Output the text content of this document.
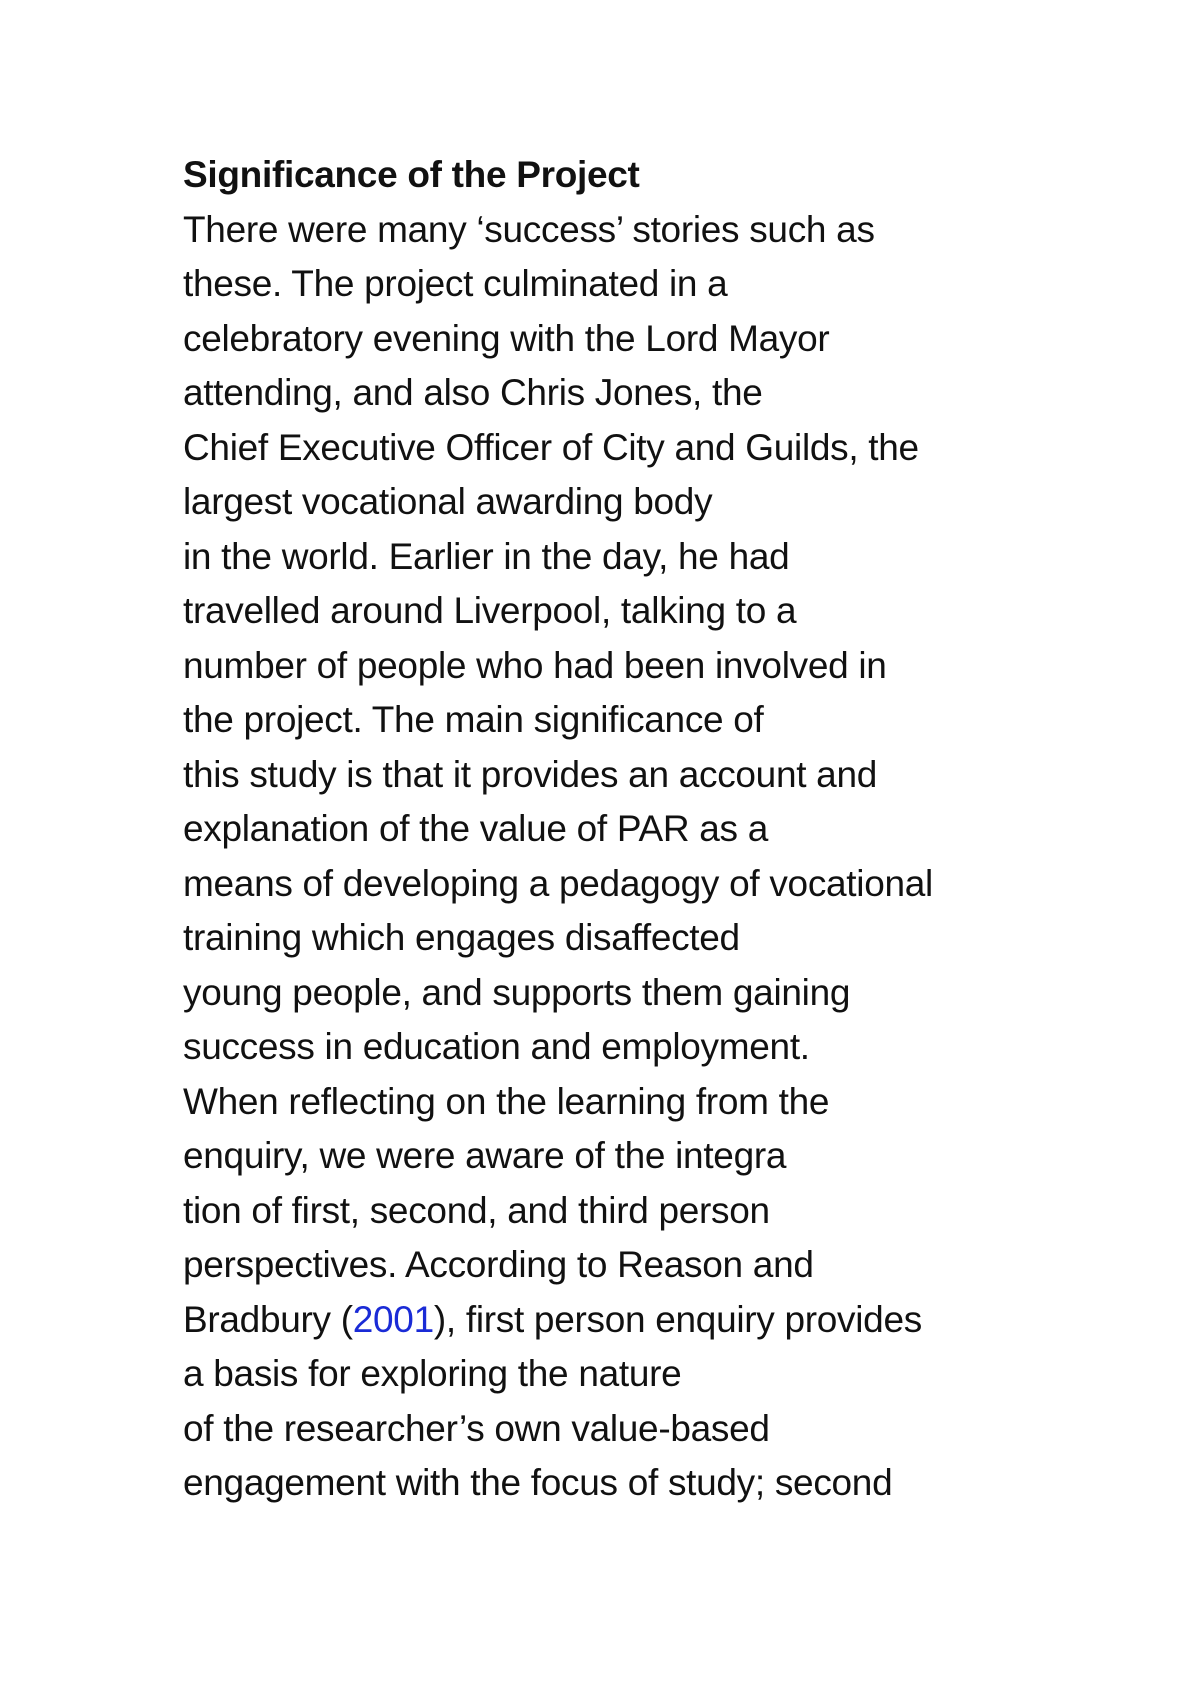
Significance of the Project
There were many ‘success’ stories such as
these. The project culminated in a
celebratory evening with the Lord Mayor
attending, and also Chris Jones, the
Chief Executive Officer of City and Guilds, the
largest vocational awarding body
in the world. Earlier in the day, he had
travelled around Liverpool, talking to a
number of people who had been involved in
the project. The main significance of
this study is that it provides an account and
explanation of the value of PAR as a
means of developing a pedagogy of vocational
training which engages disaffected
young people, and supports them gaining
success in education and employment.
When reflecting on the learning from the
enquiry, we were aware of the integra
tion of first, second, and third person
perspectives. According to Reason and
Bradbury (2001), first person enquiry provides
a basis for exploring the nature
of the researcher’s own value-based
engagement with the focus of study; second
